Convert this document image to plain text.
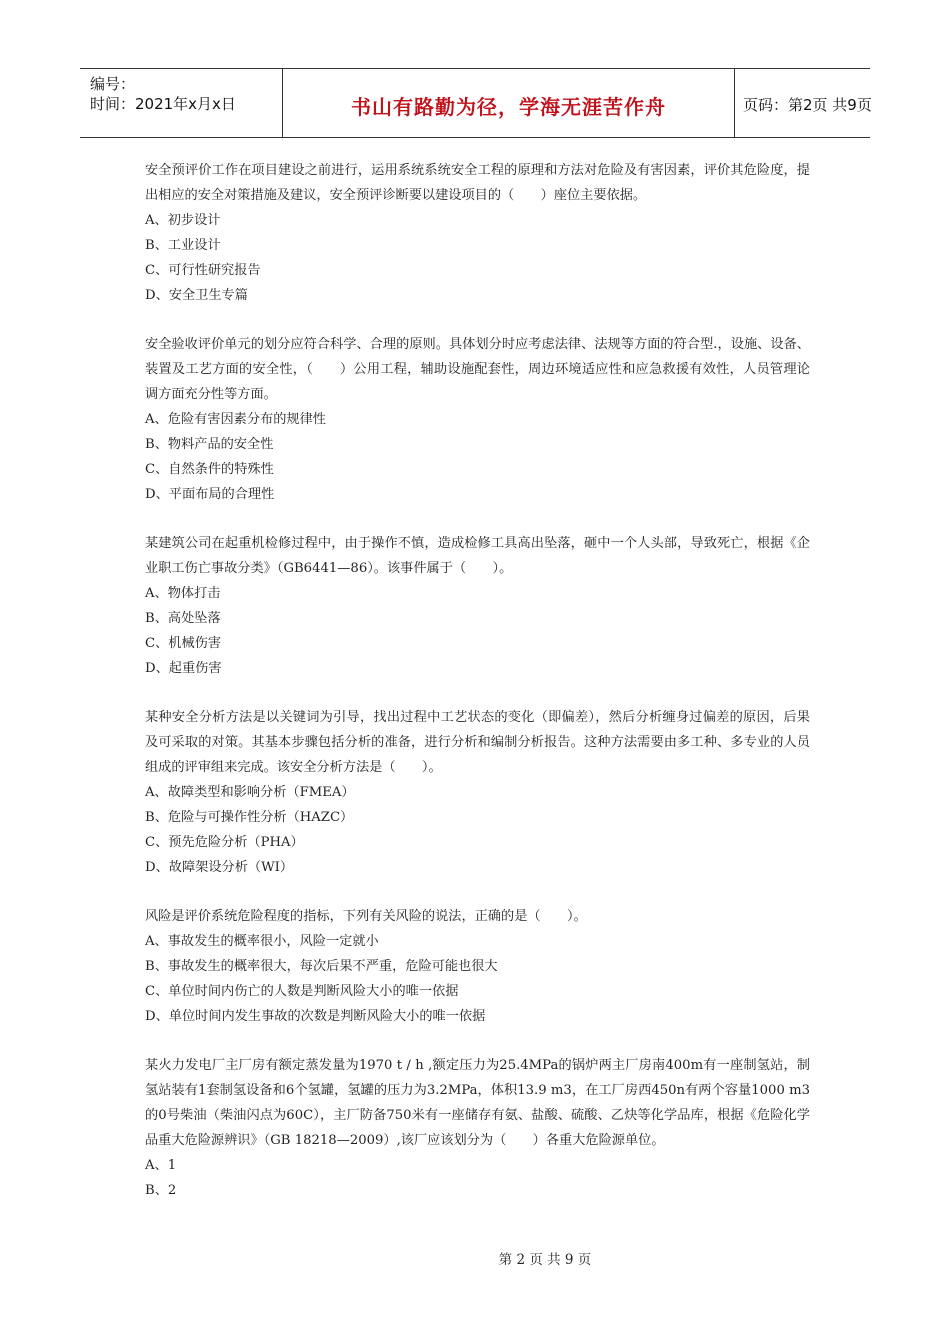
编号：
时间：2021年x月x日	书山有路勤为径，学海无涯苦作舟	页码：第2页 共9页
安全预评价工作在项目建设之前进行，运用系统系统安全工程的原理和方法对危险及有害因素，评价其危险度，提出相应的安全对策措施及建议，安全预评诊断要以建设项目的（　　）座位主要依据。
A、初步设计
B、工业设计
C、可行性研究报告
D、安全卫生专篇
安全验收评价单元的划分应符合科学、合理的原则。具体划分时应考虑法律、法规等方面的符合型.，设施、设备、装置及工艺方面的安全性，（　　）公用工程，辅助设施配套性，周边环境适应性和应急救援有效性，人员管理论调方面充分性等方面。
A、危险有害因素分布的规律性
B、物料产品的安全性
C、自然条件的特殊性
D、平面布局的合理性
某建筑公司在起重机检修过程中，由于操作不慎，造成检修工具高出坠落，砸中一个人头部，导致死亡，根据《企业职工伤亡事故分类》（GB6441—86）。该事件属于（　　）。
A、物体打击
B、高处坠落
C、机械伤害
D、起重伤害
某种安全分析方法是以关键词为引导，找出过程中工艺状态的变化（即偏差），然后分析缠身过偏差的原因，后果及可采取的对策。其基本步骤包括分析的准备，进行分析和编制分析报告。这种方法需要由多工种、多专业的人员组成的评审组来完成。该安全分析方法是（　　）。
A、故障类型和影响分析（FMEA）
B、危险与可操作性分析（HAZC）
C、预先危险分析（PHA）
D、故障架设分析（WI）
风险是评价系统危险程度的指标，下列有关风险的说法，正确的是（　　）。
A、事故发生的概率很小，风险一定就小
B、事故发生的概率很大，每次后果不严重，危险可能也很大
C、单位时间内伤亡的人数是判断风险大小的唯一依据
D、单位时间内发生事故的次数是判断风险大小的唯一依据
某火力发电厂主厂房有额定蒸发量为1970 t / h ,额定压力为25.4MPa的锅炉两主厂房南400m有一座制氢站，制氢站装有1套制氢设备和6个氢罐，氢罐的压力为3.2MPa，体积13.9 m3，在工厂房西450n有两个容量1000 m3的0号柴油（柴油闪点为60C），主厂防备750米有一座储存有氨、盐酸、硫酸、乙炔等化学品库，根据《危险化学品重大危险源辨识》（GB 18218—2009）,该厂应该划分为（　　）各重大危险源单位。
A、1
B、2
第 2 页 共 9 页
